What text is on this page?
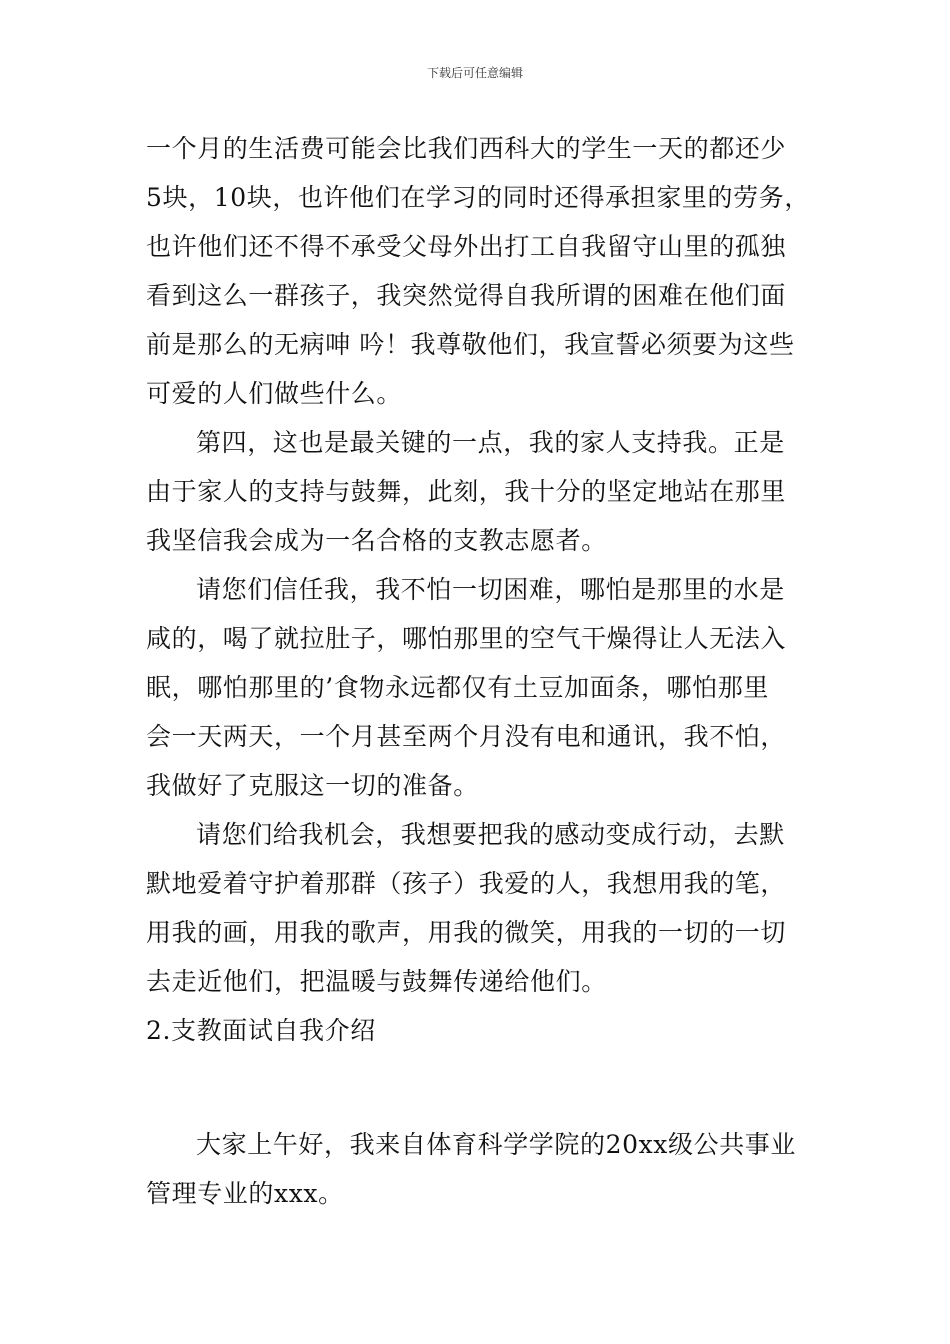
下载后可任意编辑
一个月的生活费可能会比我们西科大的学生一天的都还少
5块，10块，也许他们在学习的同时还得承担家里的劳务，
也许他们还不得不承受父母外出打工自我留守山里的孤独
看到这么一群孩子，我突然觉得自我所谓的困难在他们面
前是那么的无病呻 吟！我尊敬他们，我宣誓必须要为这些
可爱的人们做些什么。
第四，这也是最关键的一点，我的家人支持我。正是
由于家人的支持与鼓舞，此刻，我十分的坚定地站在那里
我坚信我会成为一名合格的支教志愿者。
请您们信任我，我不怕一切困难，哪怕是那里的水是
咸的，喝了就拉肚子，哪怕那里的空气干燥得让人无法入
眠，哪怕那里的’食物永远都仅有土豆加面条，哪怕那里
会一天两天，一个月甚至两个月没有电和通讯，我不怕，
我做好了克服这一切的准备。
请您们给我机会，我想要把我的感动变成行动，去默
默地爱着守护着那群（孩子）我爱的人，我想用我的笔，
用我的画，用我的歌声，用我的微笑，用我的一切的一切
去走近他们，把温暖与鼓舞传递给他们。
2.支教面试自我介绍
大家上午好，我来自体育科学学院的20xx级公共事业
管理专业的xxx。
